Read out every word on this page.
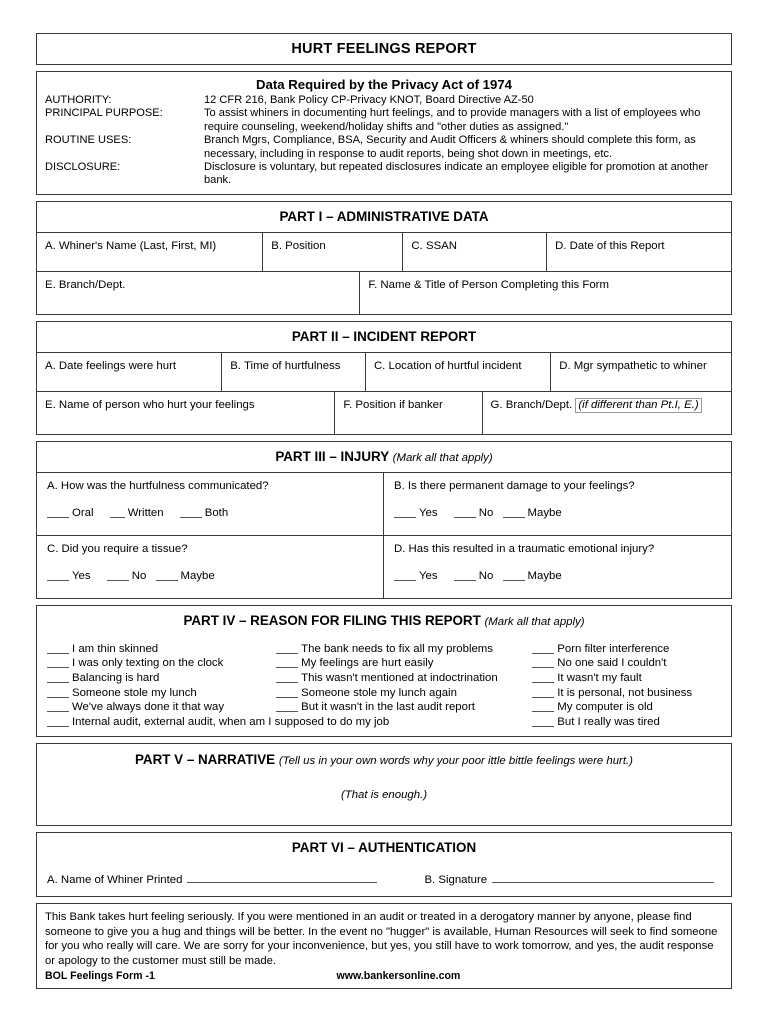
HURT FEELINGS REPORT
Data Required by the Privacy Act of 1974
AUTHORITY:	12 CFR 216, Bank Policy CP-Privacy KNOT, Board Directive AZ-50
PRINCIPAL PURPOSE:	To assist whiners in documenting hurt feelings, and to provide managers with a list of employees who require counseling, weekend/holiday shifts and "other duties as assigned."
ROUTINE USES:	Branch Mgrs, Compliance, BSA, Security and Audit Officers & whiners should complete this form, as necessary, including in response to audit reports, being shot down in meetings, etc.
DISCLOSURE:	Disclosure is voluntary, but repeated disclosures indicate an employee eligible for promotion at another bank.
PART I – ADMINISTRATIVE DATA
A. Whiner's Name (Last, First, MI)	B. Position	C. SSAN	D. Date of this Report
E. Branch/Dept.	F. Name & Title of Person Completing this Form
PART II – INCIDENT REPORT
A. Date feelings were hurt	B. Time of hurtfulness	C. Location of hurtful incident	D. Mgr sympathetic to whiner
E. Name of person who hurt your feelings	F. Position if banker	G. Branch/Dept. (if different than Pt.I, E.)
PART III – INJURY (Mark all that apply)
A. How was the hurtfulness communicated?
Oral	Written	Both
B. Is there permanent damage to your feelings?
Yes	No	Maybe
C. Did you require a tissue?
Yes	No	Maybe
D. Has this resulted in a traumatic emotional injury?
Yes	No	Maybe
PART IV – REASON FOR FILING THIS REPORT (Mark all that apply)
I am thin skinned
I was only texting on the clock
Balancing is hard
Someone stole my lunch
We've always done it that way

The bank needs to fix all my problems
My feelings are hurt easily
This wasn't mentioned at indoctrination
Someone stole my lunch again
But it wasn't in the last audit report

Porn filter interference
No one said I couldn't
It wasn't my fault
It is personal, not business
My computer is old
But I really was tired
Internal audit, external audit, when am I supposed to do my job
PART V – NARRATIVE (Tell us in your own words why your poor ittle bittle feelings were hurt.)
(That is enough.)
PART VI – AUTHENTICATION
A. Name of Whiner Printed	B. Signature
This Bank takes hurt feeling seriously. If you were mentioned in an audit or treated in a derogatory manner by anyone, please find someone to give you a hug and things will be better. In the event no "hugger" is available, Human Resources will seek to find someone for you who really will care. We are sorry for your inconvenience, but yes, you still have to work tomorrow, and yes, the audit response or apology to the customer must still be made.
BOL Feelings Form -1	www.bankersonline.com
